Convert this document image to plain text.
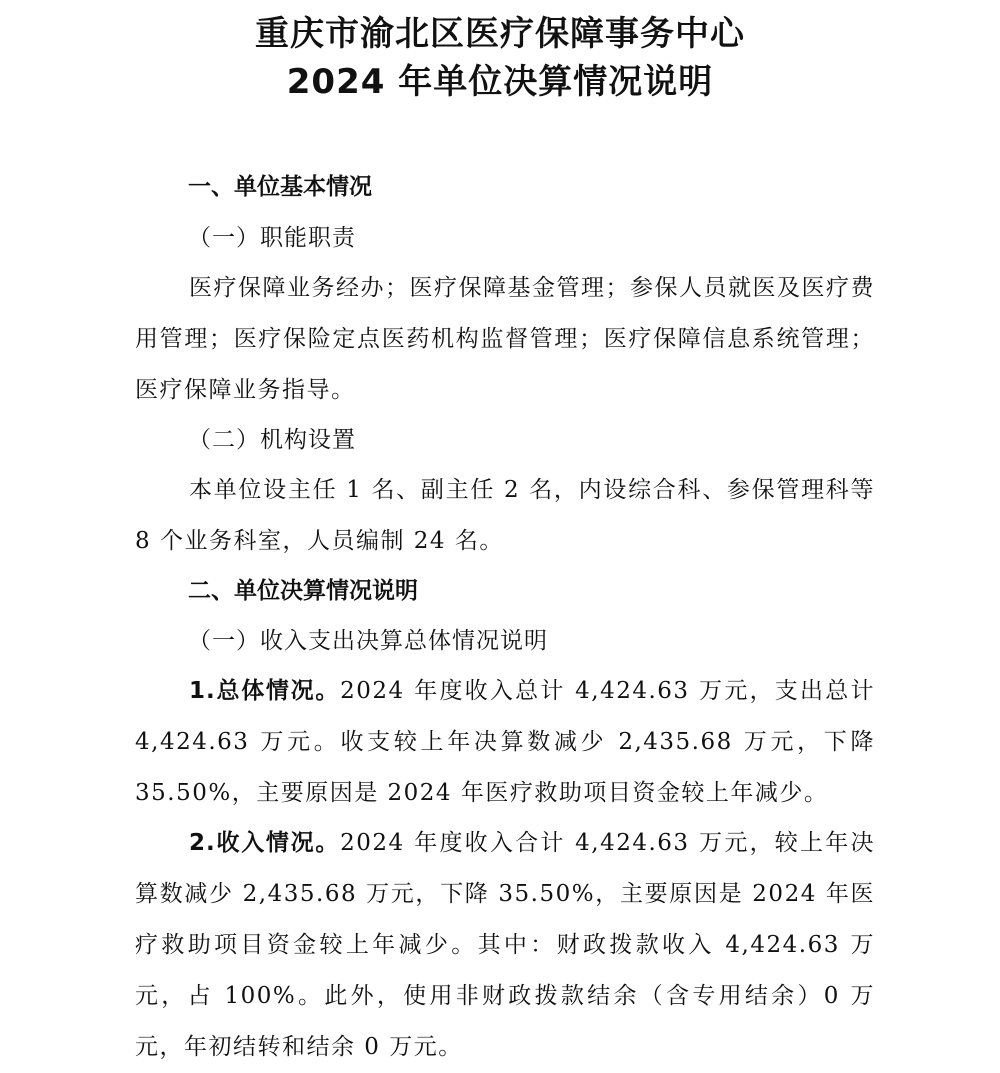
重庆市渝北区医疗保障事务中心
2024 年单位决算情况说明
一、单位基本情况
（一）职能职责
医疗保障业务经办；医疗保障基金管理；参保人员就医及医疗费用管理；医疗保险定点医药机构监督管理；医疗保障信息系统管理；医疗保障业务指导。
（二）机构设置
本单位设主任 1 名、副主任 2 名，内设综合科、参保管理科等 8 个业务科室，人员编制 24 名。
二、单位决算情况说明
（一）收入支出决算总体情况说明
1.总体情况。2024 年度收入总计 4,424.63 万元，支出总计 4,424.63 万元。收支较上年决算数减少 2,435.68 万元，下降 35.50%，主要原因是 2024 年医疗救助项目资金较上年减少。
2.收入情况。2024 年度收入合计 4,424.63 万元，较上年决算数减少 2,435.68 万元，下降 35.50%，主要原因是 2024 年医疗救助项目资金较上年减少。其中：财政拨款收入 4,424.63 万元，占 100%。此外，使用非财政拨款结余（含专用结余）0 万元，年初结转和结余 0 万元。
